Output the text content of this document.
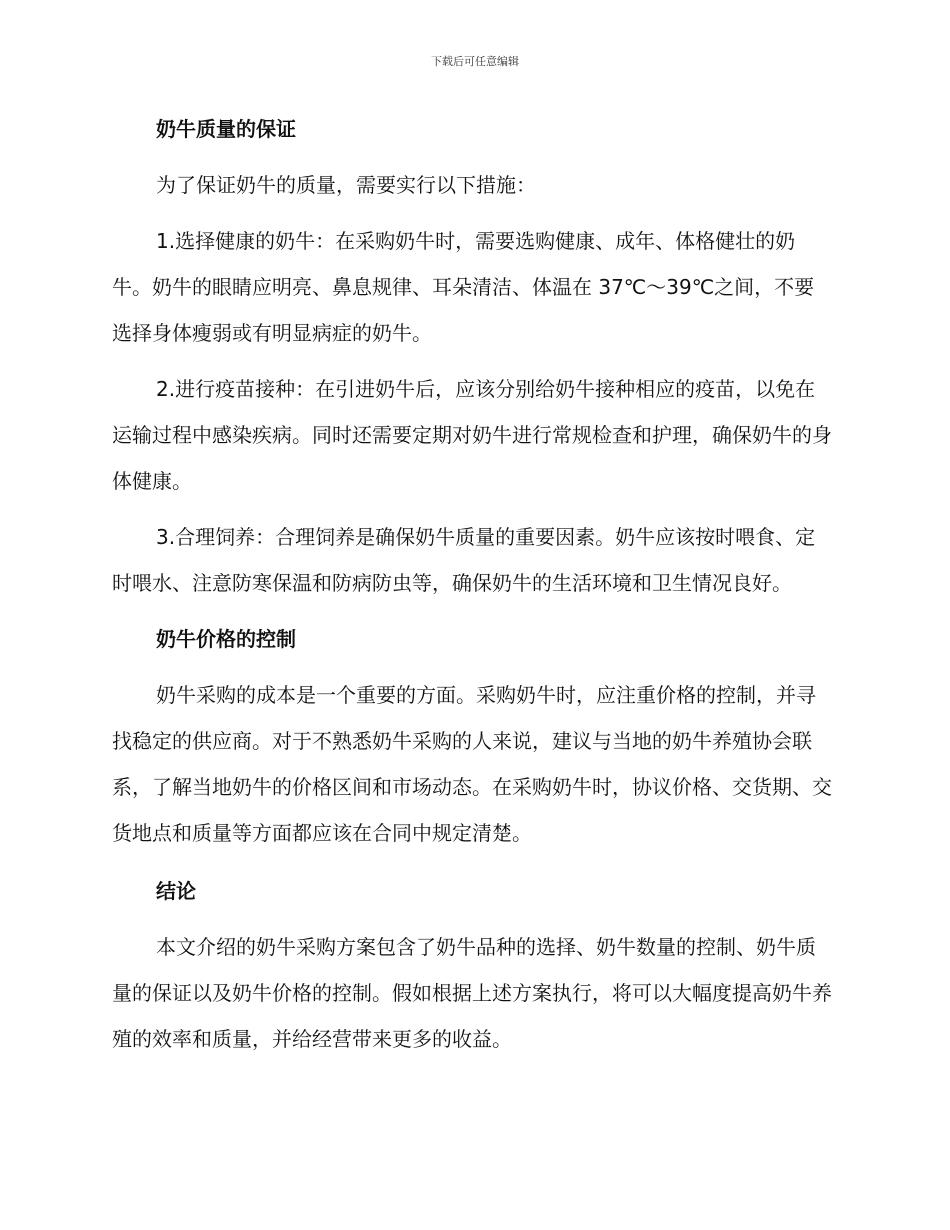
下载后可任意编辑
奶牛质量的保证

为了保证奶牛的质量，需要实行以下措施：

1.选择健康的奶牛：在采购奶牛时，需要选购健康、成年、体格健壮的奶牛。奶牛的眼睛应明亮、鼻息规律、耳朵清洁、体温在 37℃～39℃之间，不要选择身体瘦弱或有明显病症的奶牛。

2.进行疫苗接种：在引进奶牛后，应该分别给奶牛接种相应的疫苗，以免在运输过程中感染疾病。同时还需要定期对奶牛进行常规检查和护理，确保奶牛的身体健康。

3.合理饲养：合理饲养是确保奶牛质量的重要因素。奶牛应该按时喂食、定时喂水、注意防寒保温和防病防虫等，确保奶牛的生活环境和卫生情况良好。

奶牛价格的控制

奶牛采购的成本是一个重要的方面。采购奶牛时，应注重价格的控制，并寻找稳定的供应商。对于不熟悉奶牛采购的人来说，建议与当地的奶牛养殖协会联系，了解当地奶牛的价格区间和市场动态。在采购奶牛时，协议价格、交货期、交货地点和质量等方面都应该在合同中规定清楚。

结论

本文介绍的奶牛采购方案包含了奶牛品种的选择、奶牛数量的控制、奶牛质量的保证以及奶牛价格的控制。假如根据上述方案执行，将可以大幅度提高奶牛养殖的效率和质量，并给经营带来更多的收益。
